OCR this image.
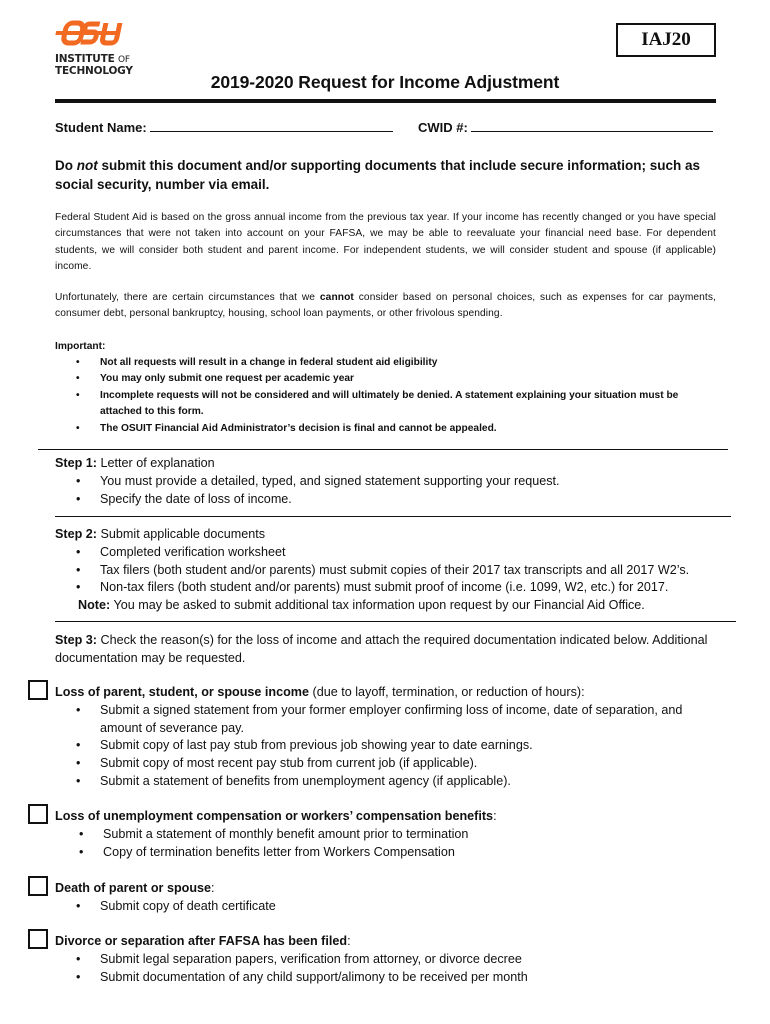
INSTITUTE OF
TECHNOLOGY
IAJ20
2019-2020 Request for Income Adjustment
Student Name:	CWID #:
Do not submit this document and/or supporting documents that include secure information; such as social security, number via email.
Federal Student Aid is based on the gross annual income from the previous tax year. If your income has recently changed or you have special circumstances that were not taken into account on your FAFSA, we may be able to reevaluate your financial need base. For dependent students, we will consider both student and parent income. For independent students, we will consider student and spouse (if applicable) income.
Unfortunately, there are certain circumstances that we cannot consider based on personal choices, such as expenses for car payments, consumer debt, personal bankruptcy, housing, school loan payments, or other frivolous spending.
Important:
• Not all requests will result in a change in federal student aid eligibility
• You may only submit one request per academic year
• Incomplete requests will not be considered and will ultimately be denied. A statement explaining your situation must be attached to this form.
• The OSUIT Financial Aid Administrator’s decision is final and cannot be appealed.
Step 1: Letter of explanation
• You must provide a detailed, typed, and signed statement supporting your request.
• Specify the date of loss of income.
Step 2: Submit applicable documents
• Completed verification worksheet
• Tax filers (both student and/or parents) must submit copies of their 2017 tax transcripts and all 2017 W2’s.
• Non-tax filers (both student and/or parents) must submit proof of income (i.e. 1099, W2, etc.) for 2017.
Note: You may be asked to submit additional tax information upon request by our Financial Aid Office.
Step 3: Check the reason(s) for the loss of income and attach the required documentation indicated below. Additional documentation may be requested.
Loss of parent, student, or spouse income (due to layoff, termination, or reduction of hours):
• Submit a signed statement from your former employer confirming loss of income, date of separation, and amount of severance pay.
• Submit copy of last pay stub from previous job showing year to date earnings.
• Submit copy of most recent pay stub from current job (if applicable).
• Submit a statement of benefits from unemployment agency (if applicable).
Loss of unemployment compensation or workers’ compensation benefits:
• Submit a statement of monthly benefit amount prior to termination
• Copy of termination benefits letter from Workers Compensation
Death of parent or spouse:
• Submit copy of death certificate
Divorce or separation after FAFSA has been filed:
• Submit legal separation papers, verification from attorney, or divorce decree
• Submit documentation of any child support/alimony to be received per month
